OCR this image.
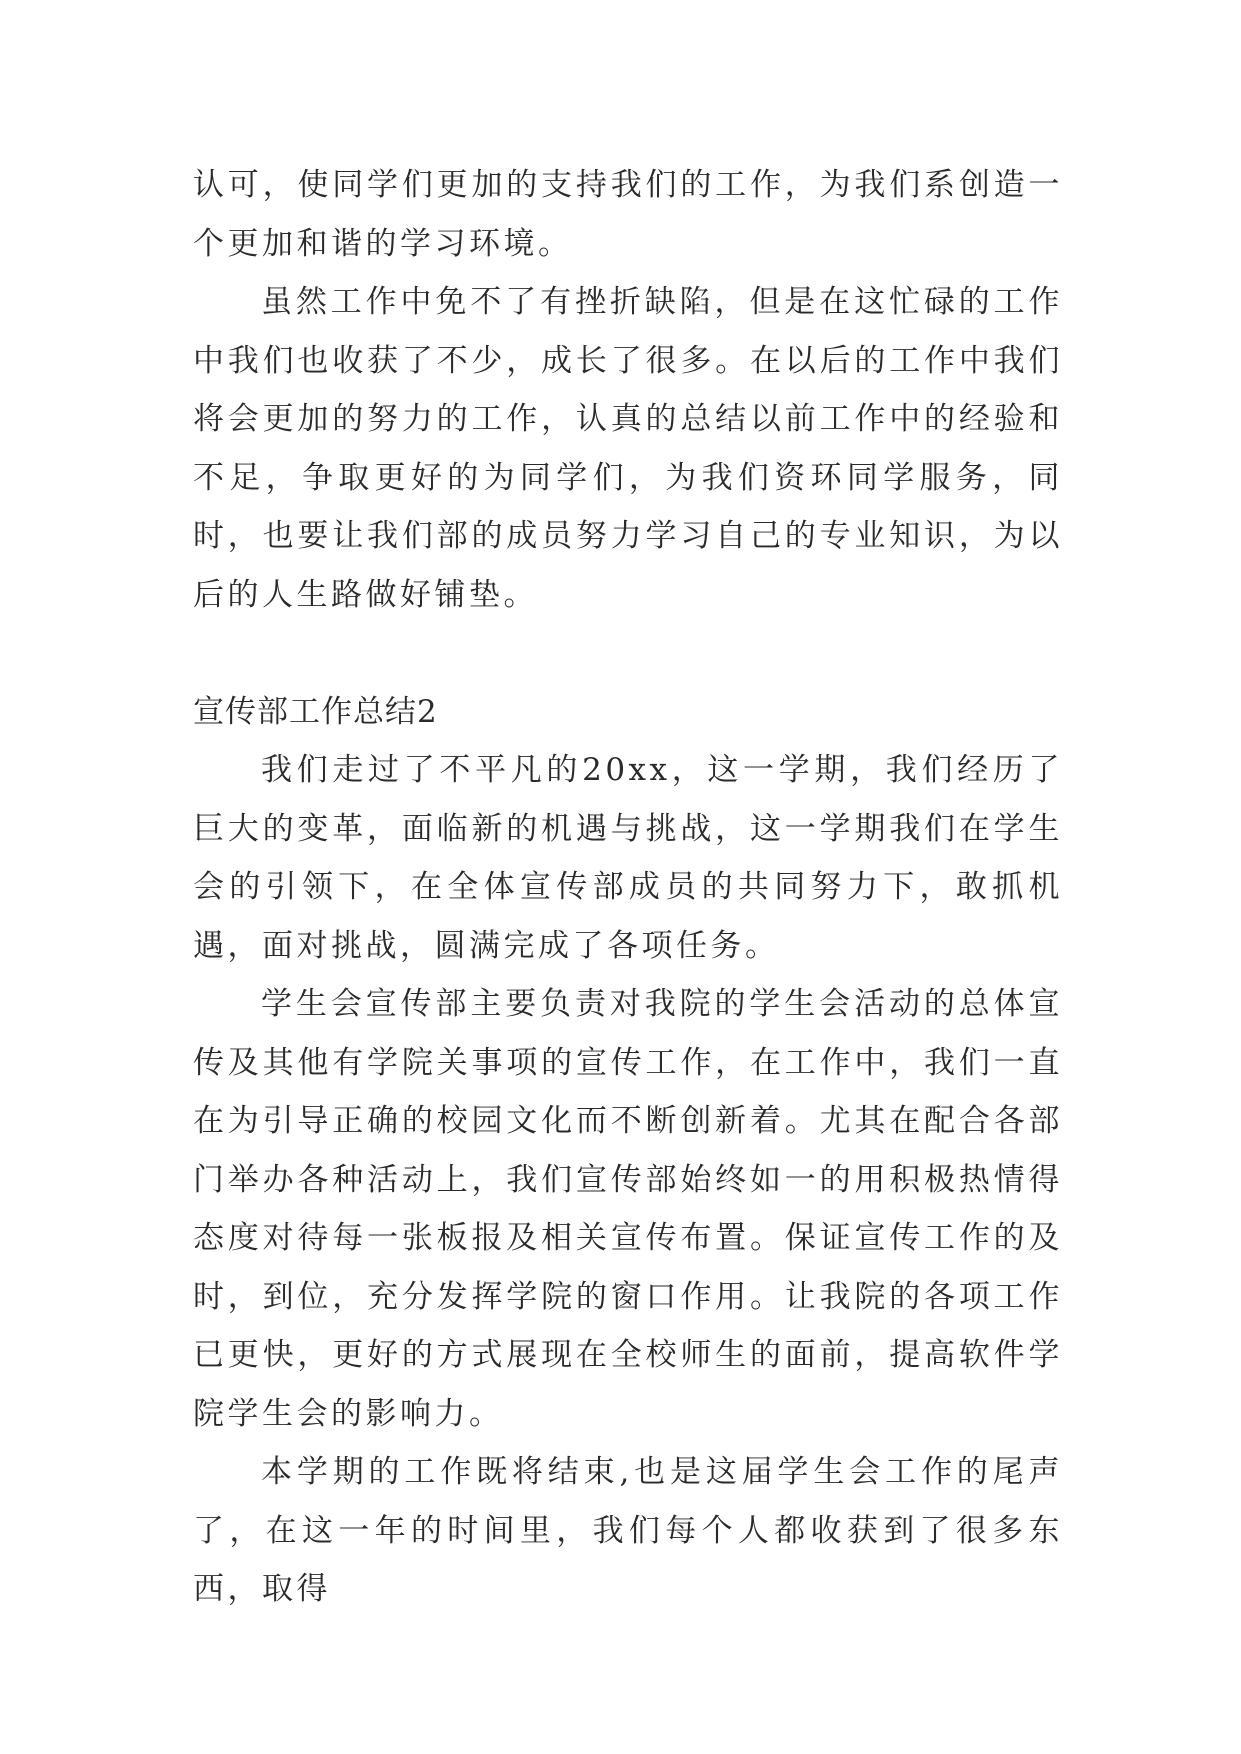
认可，使同学们更加的支持我们的工作，为我们系创造一个更加和谐的学习环境。

虽然工作中免不了有挫折缺陷，但是在这忙碌的工作中我们也收获了不少，成长了很多。在以后的工作中我们将会更加的努力的工作，认真的总结以前工作中的经验和不足，争取更好的为同学们，为我们资环同学服务，同时，也要让我们部的成员努力学习自己的专业知识，为以后的人生路做好铺垫。

宣传部工作总结2

我们走过了不平凡的20xx，这一学期，我们经历了巨大的变革，面临新的机遇与挑战，这一学期我们在学生会的引领下，在全体宣传部成员的共同努力下，敢抓机遇，面对挑战，圆满完成了各项任务。

学生会宣传部主要负责对我院的学生会活动的总体宣传及其他有学院关事项的宣传工作，在工作中，我们一直在为引导正确的校园文化而不断创新着。尤其在配合各部门举办各种活动上，我们宣传部始终如一的用积极热情得态度对待每一张板报及相关宣传布置。保证宣传工作的及时，到位，充分发挥学院的窗口作用。让我院的各项工作已更快，更好的方式展现在全校师生的面前，提高软件学院学生会的影响力。

本学期的工作既将结束,也是这届学生会工作的尾声了，在这一年的时间里，我们每个人都收获到了很多东西，取得
